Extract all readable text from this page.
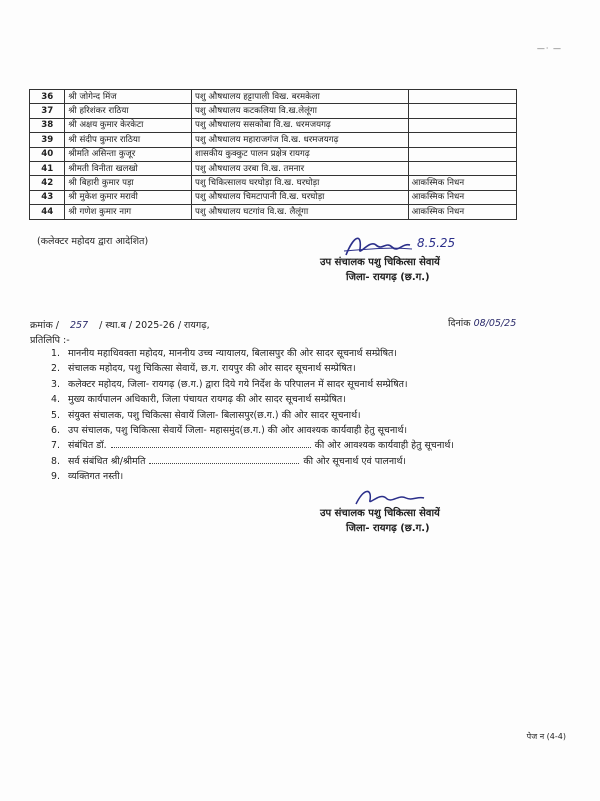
—· —
36	श्री जोगेन्द मिंज	पशु औषधालय हट्टापाली विख. बरमकेला	
37	श्री हरिशंकर राठिया	पशु औषधालय कटकलिया वि.ख.लेलूंगा	
38	श्री अक्षय कुमार केरकेटा	पशु औषधालय ससकोबा वि.ख. धरमजयगढ़	
39	श्री संदीप कुमार राठिया	पशु औषधालय महाराजगंज वि.ख. धरमजयगढ़	
40	श्रीमति असिन्ता कुजूर	शासकीय कुक्कुट पालन प्रक्षेत्र रायगढ़	
41	श्रीमती विनीता खलखो	पशु औषधालय उरबा वि.ख. तमनार	
42	श्री बिहारी कुमार पड़ा	पशु चिकित्सालय घरघोड़ा वि.ख. घरघोड़ा	आकस्मिक निधन
43	श्री मुकेश कुमार मरावी	पशु औषधालय चिमटापानी वि.ख. घरघोड़ा	आकस्मिक निधन
44	श्री गणेश कुमार नाग	पशु औषधालय घटगांव वि.ख. लैलूंगा	आकस्मिक निधन
(कलेक्टर महोदय द्वारा आदेशित)	8.5.25
उप संचालक पशु चिकित्सा सेवायें
जिला- रायगढ़ (छ.ग.)
क्रमांक / 257 / स्था.ब / 2025-26 / रायगढ़,	दिनांक 08/05/25
प्रतिलिपि :-
1. माननीय महाधिवक्ता महोदय, माननीय उच्च न्यायालय, बिलासपुर की ओर सादर सूचनार्थ सम्प्रेषित।
2. संचालक महोदय, पशु चिकित्सा सेवायें, छ.ग. रायपुर की ओर सादर सूचनार्थ सम्प्रेषित।
3. कलेक्टर महोदय, जिला- रायगढ़ (छ.ग.) द्वारा दिये गये निर्देश के परिपालन में सादर सूचनार्थ सम्प्रेषित।
4. मुख्य कार्यपालन अधिकारी, जिला पंचायत रायगढ़ की ओर सादर सूचनार्थ सम्प्रेषित।
5. संयुक्त संचालक, पशु चिकित्सा सेवायें जिला- बिलासपुर(छ.ग.) की ओर सादर सूचनार्थ।
6. उप संचालक, पशु चिकित्सा सेवायें जिला- महासमुंद(छ.ग.) की ओर आवश्यक कार्यवाही हेतु सूचनार्थ।
7. संबंधित डॉ.	की ओर आवश्यक कार्यवाही हेतु सूचनार्थ।
8. सर्व संबंधित श्री/श्रीमति	की ओर सूचनार्थ एवं पालनार्थ।
9. व्यक्तिगत नस्ती।
उप संचालक पशु चिकित्सा सेवायें
जिला- रायगढ़ (छ.ग.)
पेज न (4-4)
